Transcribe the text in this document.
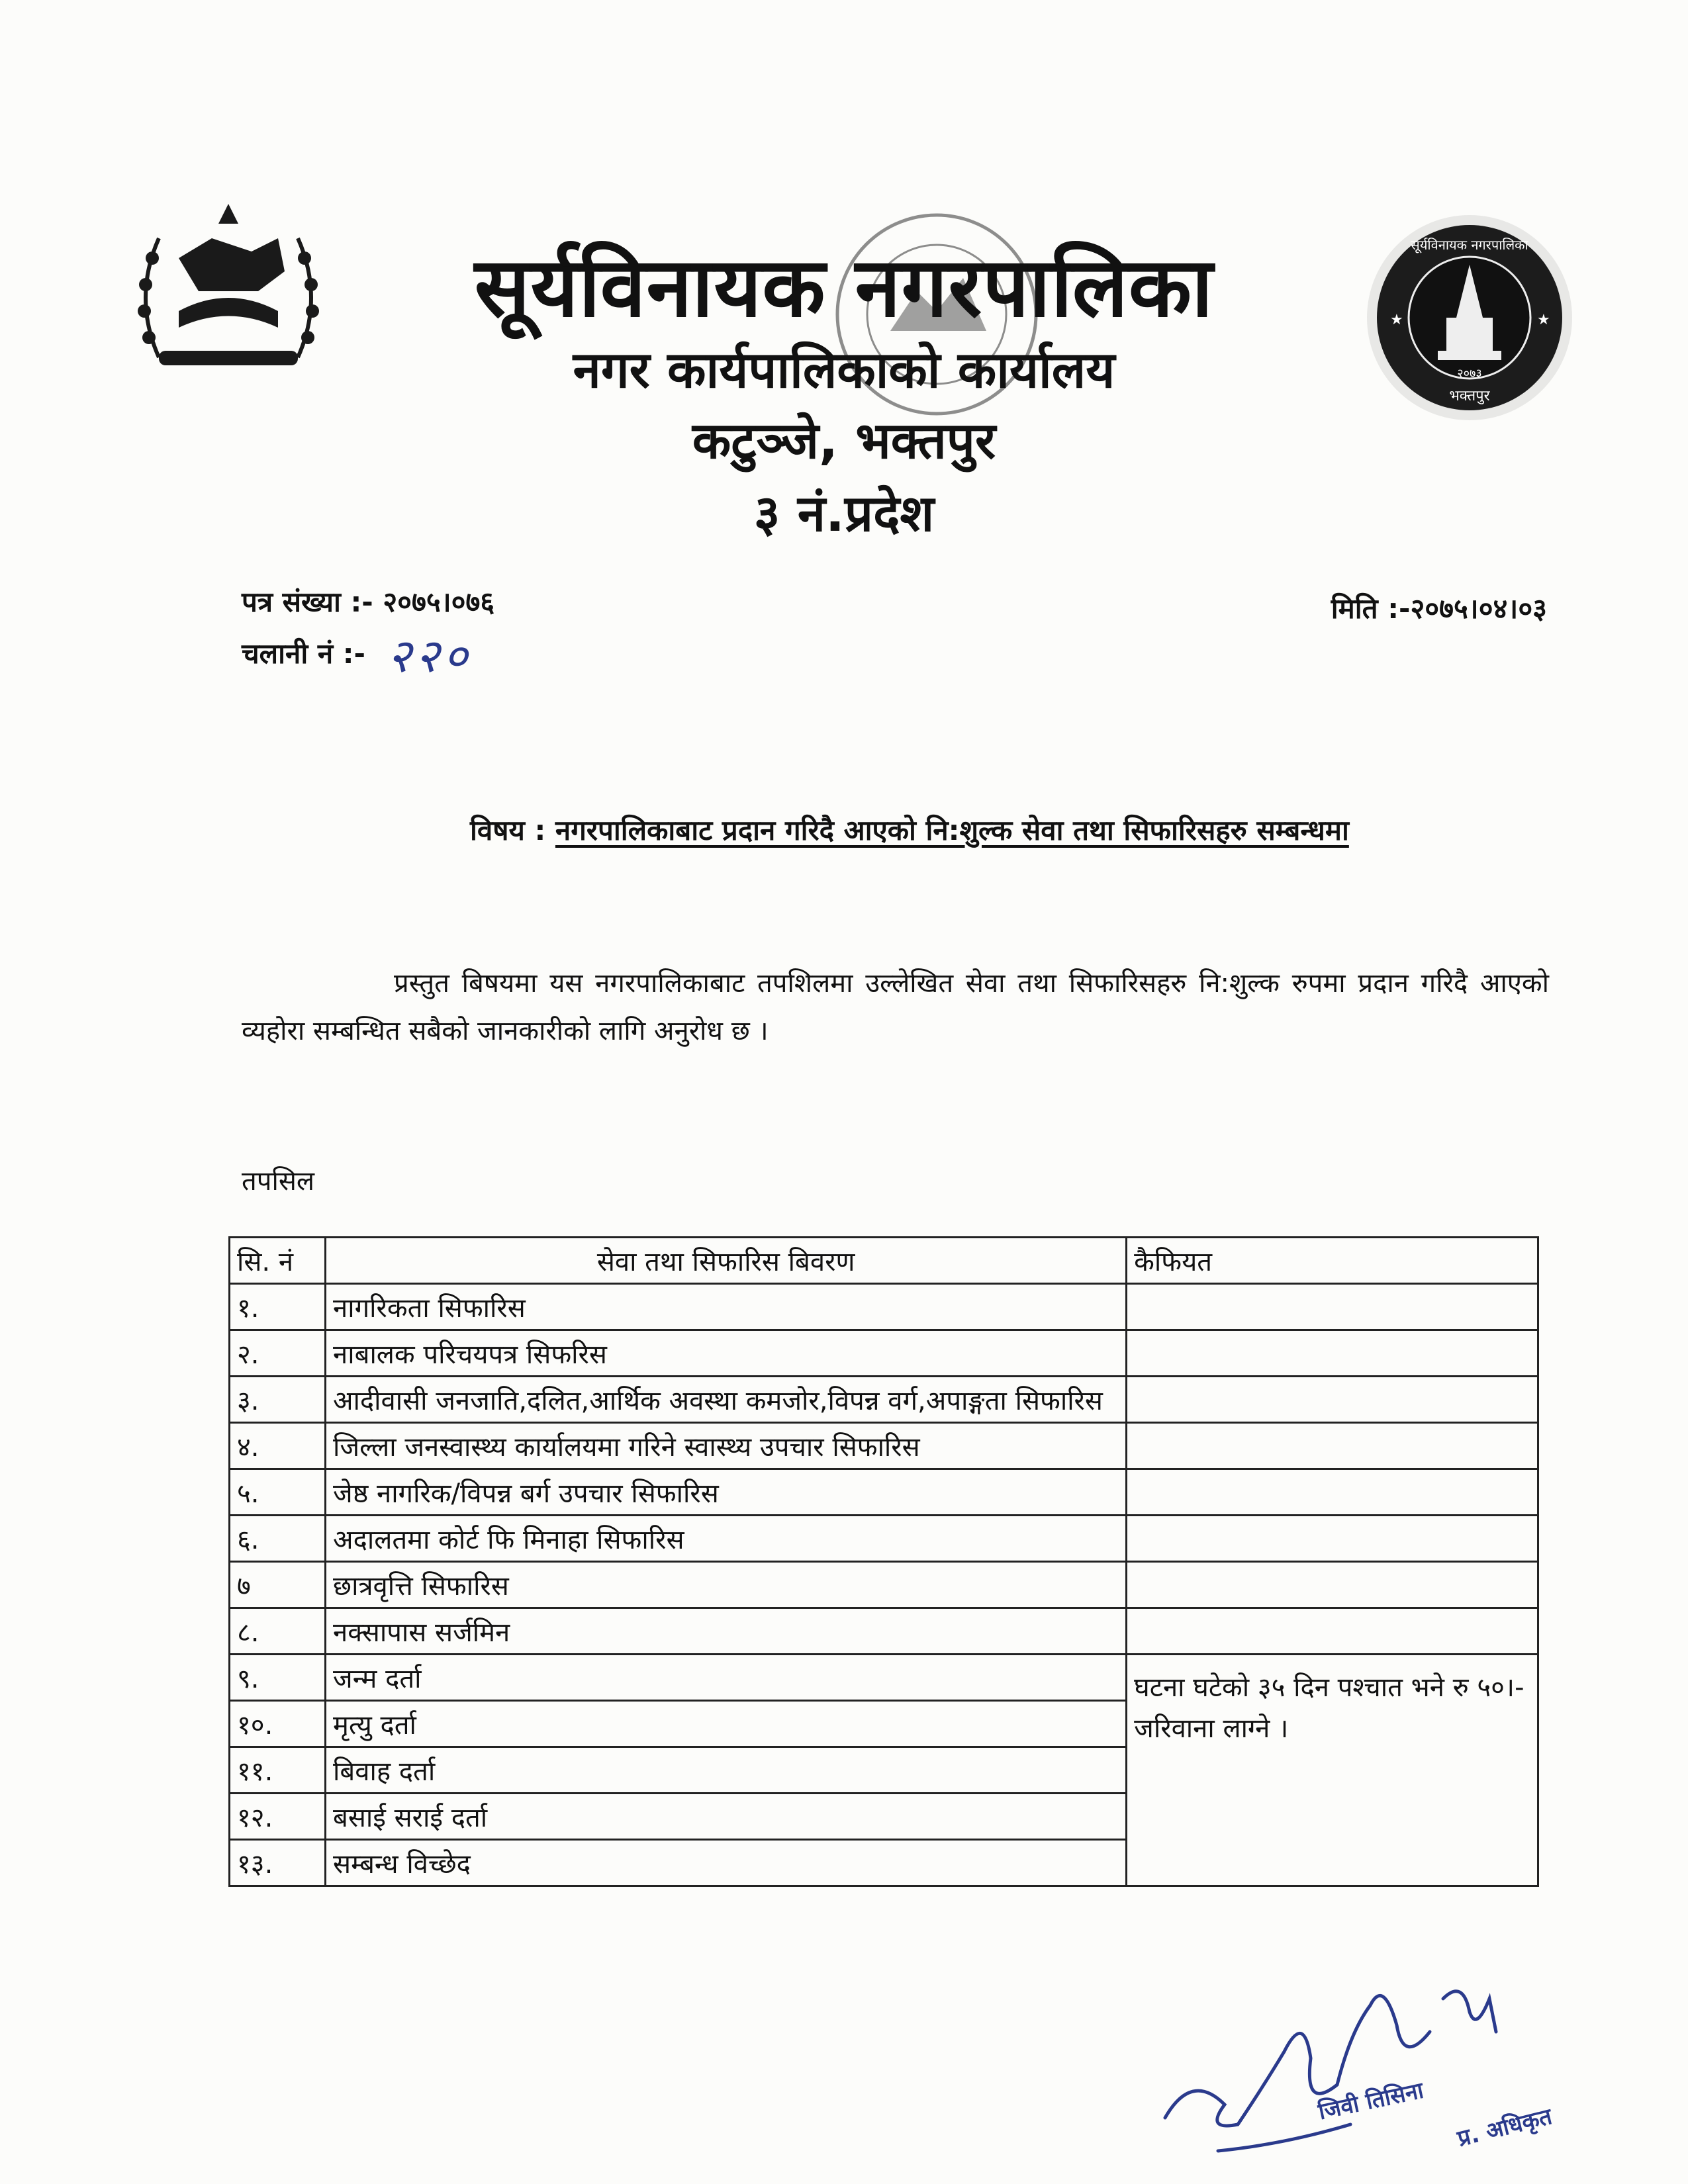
★	★
सूर्यविनायक नगरपालिका
२०७३
भक्तपुर
सूर्यविनायक नगरपालिका
नगर कार्यपालिकाको कार्यालय
कटुञ्जे, भक्तपुर
३ नं.प्रदेश
पत्र संख्या :- २०७५।०७६
चलानी नं :- २२०
मिति :-२०७५।०४।०३
विषय : नगरपालिकाबाट प्रदान गरिदै आएको नि:शुल्क सेवा तथा सिफारिसहरु सम्बन्धमा
प्रस्तुत बिषयमा यस नगरपालिकाबाट तपशिलमा उल्लेखित सेवा तथा सिफारिसहरु नि:शुल्क रुपमा प्रदान गरिदै आएको व्यहोरा सम्बन्धित सबैको जानकारीको लागि अनुरोध छ ।
तपसिल
सि. नं	सेवा तथा सिफारिस बिवरण	कैफियत
१.	नागरिकता सिफारिस	
२.	नाबालक परिचयपत्र सिफरिस	
३.	आदीवासी जनजाति,दलित,आर्थिक अवस्था कमजोर,विपन्न वर्ग,अपाङ्गता सिफारिस	
४.	जिल्ला जनस्वास्थ्य कार्यालयमा गरिने स्वास्थ्य उपचार सिफारिस	
५.	जेष्ठ नागरिक/विपन्न बर्ग उपचार सिफारिस	
६.	अदालतमा कोर्ट फि मिनाहा सिफारिस	
७	छात्रवृत्ति सिफारिस	
८.	नक्सापास सर्जमिन	
९.	जन्म दर्ता	घटना घटेको ३५ दिन पश्चात भने रु ५०।- जरिवाना लाग्ने ।
१०.	मृत्यु दर्ता	
११.	बिवाह दर्ता	
१२.	बसाई सराई दर्ता	
१३.	सम्बन्ध विच्छेद	
जिवी तिसिना
प्र. अधिकृत
